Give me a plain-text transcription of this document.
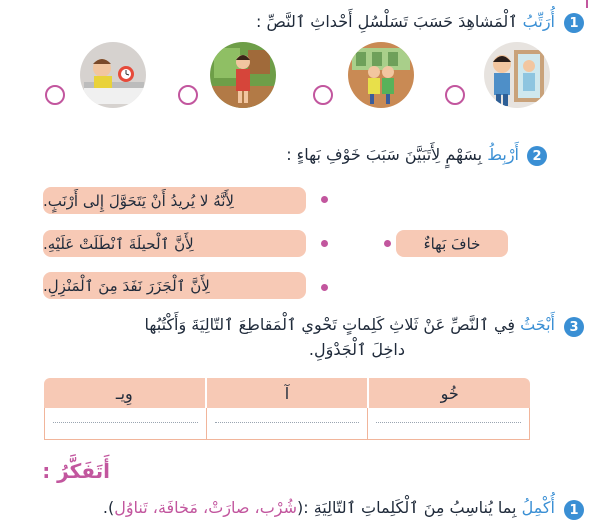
1
أُرَتِّبُ ٱلْمَشاهِدَ حَسَبَ تَسَلْسُلِ أَحْداثِ ٱلنَّصِّ :
2
أَرْبِطُ بِسَهْمٍ لِأَتَبَيَّنَ سَبَبَ خَوْفِ بَهاءٍ :
لِأَنَّهُ لا يُريدُ أَنْ يَتَحَوَّلَ إِلى أَرْنَبٍ.
لِأَنَّ ٱلْحيلَةَ ٱنْطَلَتْ عَلَيْهِ.
لِأَنَّ ٱلْجَزَرَ نَفَدَ مِنَ ٱلْمَنْزِلِ.
خافَ بَهاءٌ
3
أَبْحَثُ فِي ٱلنَّصِّ عَنْ ثَلاثِ كَلِماتٍ تَحْوي ٱلْمَقاطِعَ ٱلتّالِيَةَ وَأَكْتُبُها
داخِلَ ٱلْجَدْوَلِ.
وِيـ	آ	خُو
أَتَفَكَّرُ :
1
أُكْمِلُ بِما يُناسِبُ مِنَ ٱلْكَلِماتِ ٱلتّالِيَةِ :(شُرْب، صارَتْ، مَخافَة، تَناوُل).
